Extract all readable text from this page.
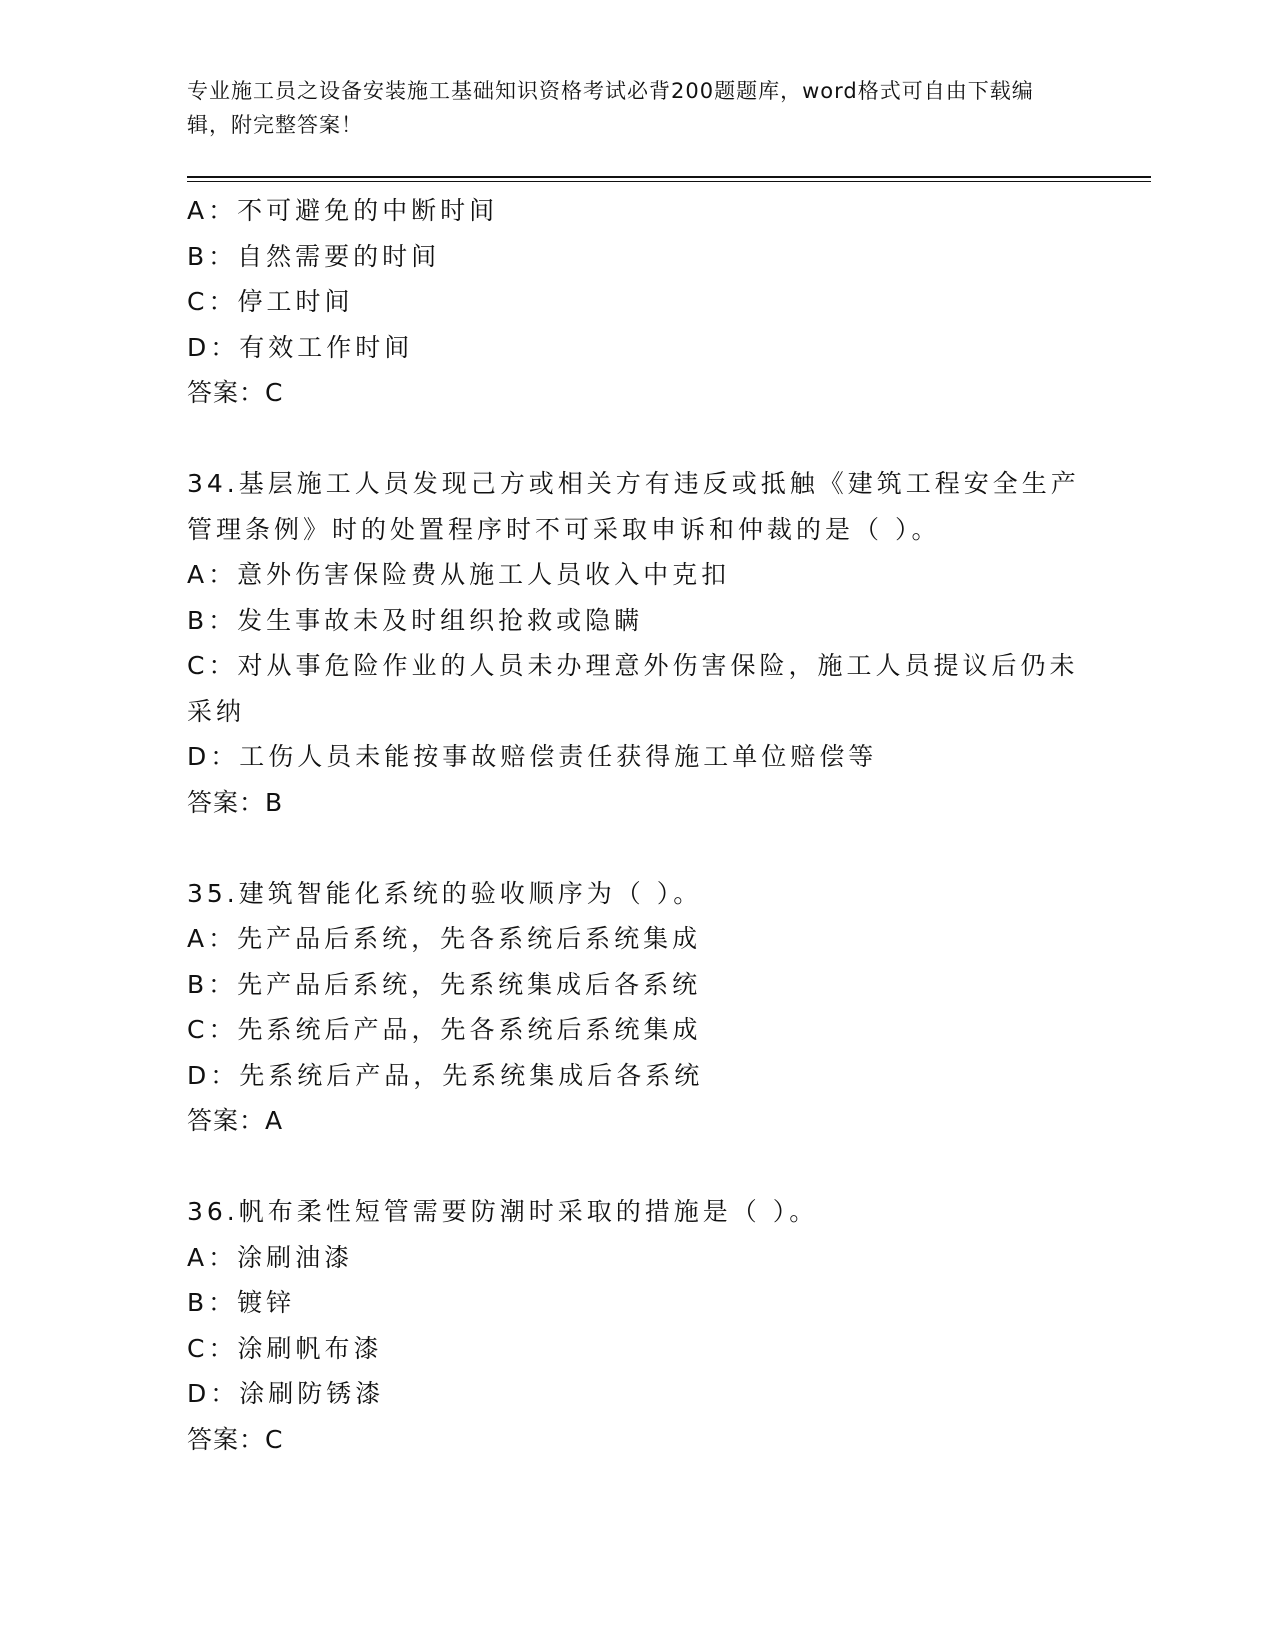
专业施工员之设备安装施工基础知识资格考试必背200题题库，word格式可自由下载编辑，附完整答案！
A：不可避免的中断时间
B：自然需要的时间
C：停工时间
D：有效工作时间
答案：C
34.基层施工人员发现己方或相关方有违反或抵触《建筑工程安全生产
管理条例》时的处置程序时不可采取申诉和仲裁的是（ ）。
A：意外伤害保险费从施工人员收入中克扣
B：发生事故未及时组织抢救或隐瞒
C：对从事危险作业的人员未办理意外伤害保险，施工人员提议后仍未
采纳
D：工伤人员未能按事故赔偿责任获得施工单位赔偿等
答案：B
35.建筑智能化系统的验收顺序为（ ）。
A：先产品后系统，先各系统后系统集成
B：先产品后系统，先系统集成后各系统
C：先系统后产品，先各系统后系统集成
D：先系统后产品，先系统集成后各系统
答案：A
36.帆布柔性短管需要防潮时采取的措施是（ ）。
A：涂刷油漆
B：镀锌
C：涂刷帆布漆
D：涂刷防锈漆
答案：C
